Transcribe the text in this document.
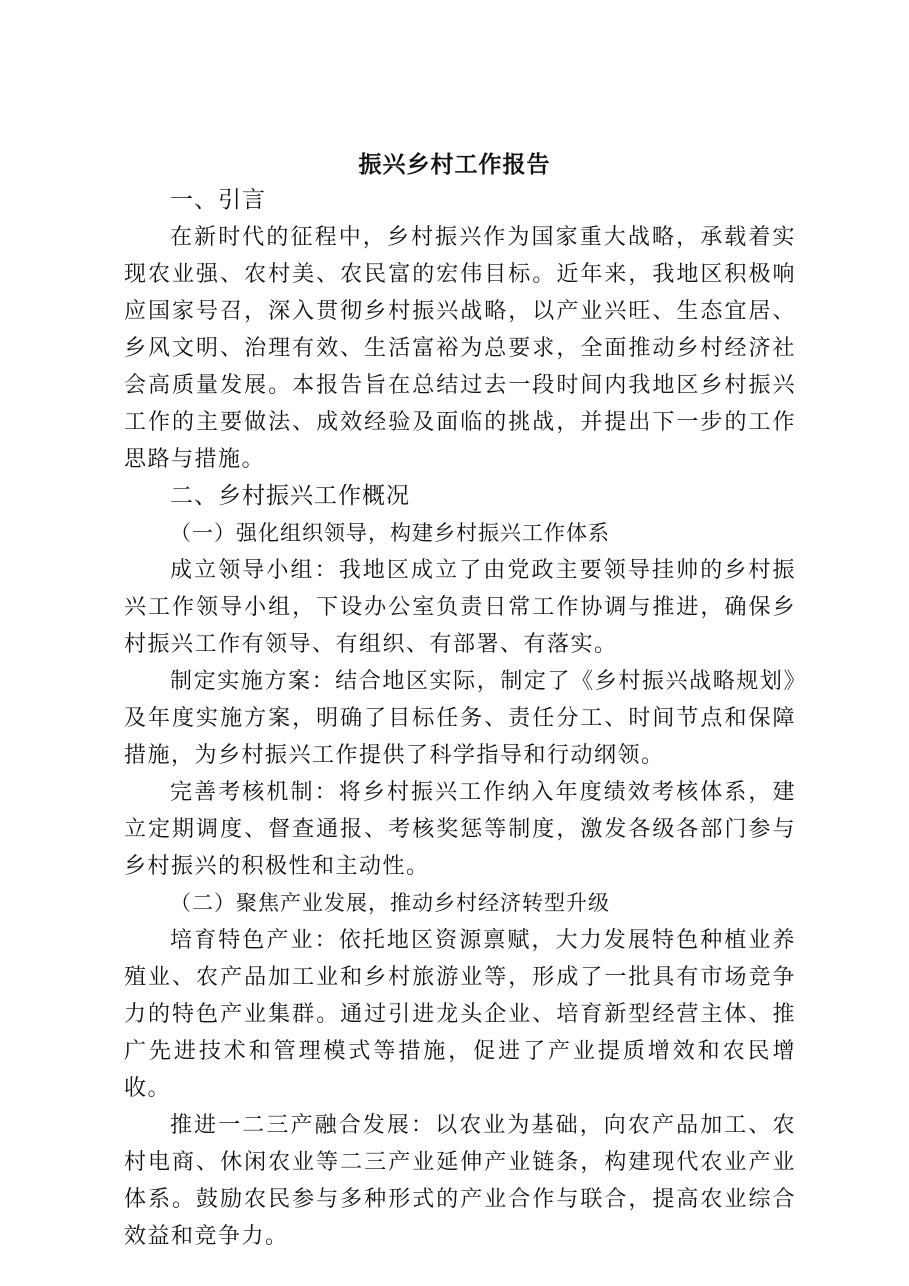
振兴乡村工作报告
一、引言

在新时代的征程中，乡村振兴作为国家重大战略，承载着实现农业强、农村美、农民富的宏伟目标。近年来，我地区积极响应国家号召，深入贯彻乡村振兴战略，以产业兴旺、生态宜居、乡风文明、治理有效、生活富裕为总要求，全面推动乡村经济社会高质量发展。本报告旨在总结过去一段时间内我地区乡村振兴工作的主要做法、成效经验及面临的挑战，并提出下一步的工作思路与措施。

二、乡村振兴工作概况
（一）强化组织领导，构建乡村振兴工作体系

成立领导小组：我地区成立了由党政主要领导挂帅的乡村振兴工作领导小组，下设办公室负责日常工作协调与推进，确保乡村振兴工作有领导、有组织、有部署、有落实。

制定实施方案：结合地区实际，制定了《乡村振兴战略规划》及年度实施方案，明确了目标任务、责任分工、时间节点和保障措施，为乡村振兴工作提供了科学指导和行动纲领。

完善考核机制：将乡村振兴工作纳入年度绩效考核体系，建立定期调度、督查通报、考核奖惩等制度，激发各级各部门参与乡村振兴的积极性和主动性。

（二）聚焦产业发展，推动乡村经济转型升级

培育特色产业：依托地区资源禀赋，大力发展特色种植业养殖业、农产品加工业和乡村旅游业等，形成了一批具有市场竞争力的特色产业集群。通过引进龙头企业、培育新型经营主体、推广先进技术和管理模式等措施，促进了产业提质增效和农民增收。

推进一二三产融合发展：以农业为基础，向农产品加工、农村电商、休闲农业等二三产业延伸产业链条，构建现代农业产业体系。鼓励农民参与多种形式的产业合作与联合，提高农业综合效益和竞争力。
